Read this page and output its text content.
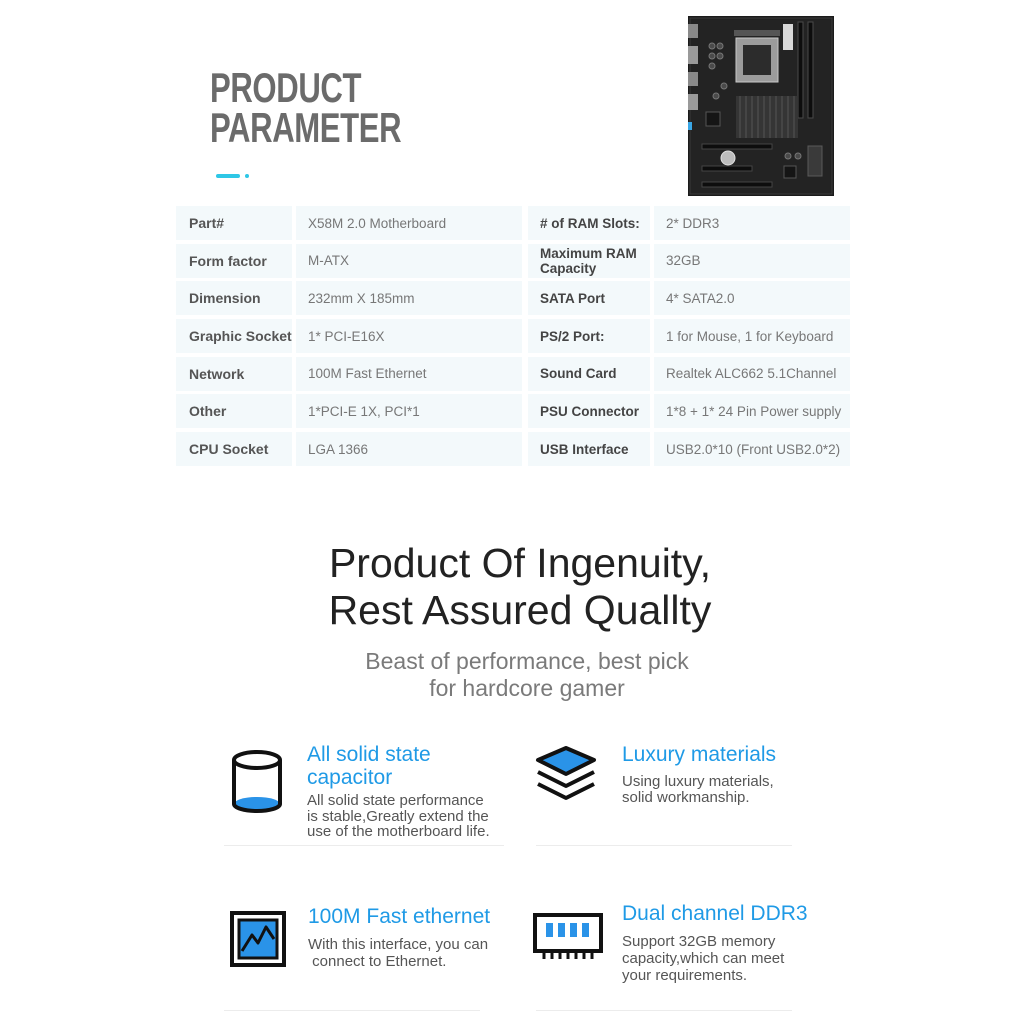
PRODUCT
PARAMETER
Part#	X58M 2.0 Motherboard	# of RAM Slots:	2* DDR3
Form factor	M-ATX	Maximum RAM Capacity	32GB
Dimension	232mm X 185mm	SATA Port	4* SATA2.0
Graphic Socket	1* PCI-E16X	PS/2 Port:	1 for Mouse, 1 for Keyboard
Network	100M Fast Ethernet	Sound Card	Realtek ALC662 5.1Channel
Other	1*PCI-E 1X, PCI*1	PSU Connector	1*8 + 1* 24 Pin Power supply
CPU Socket	LGA 1366	USB Interface	USB2.0*10 (Front USB2.0*2)
Product Of Ingenuity,
Rest Assured Quallty

Beast of performance, best pick
for hardcore gamer

All solid state
capacitor

All solid state performance
is stable,Greatly extend the
use of the motherboard life.

Luxury materials

Using luxury materials,
solid workmanship.

100M Fast ethernet

With this interface, you can
connect to Ethernet.

Dual channel DDR3

Support 32GB memory
capacity,which can meet
your requirements.
